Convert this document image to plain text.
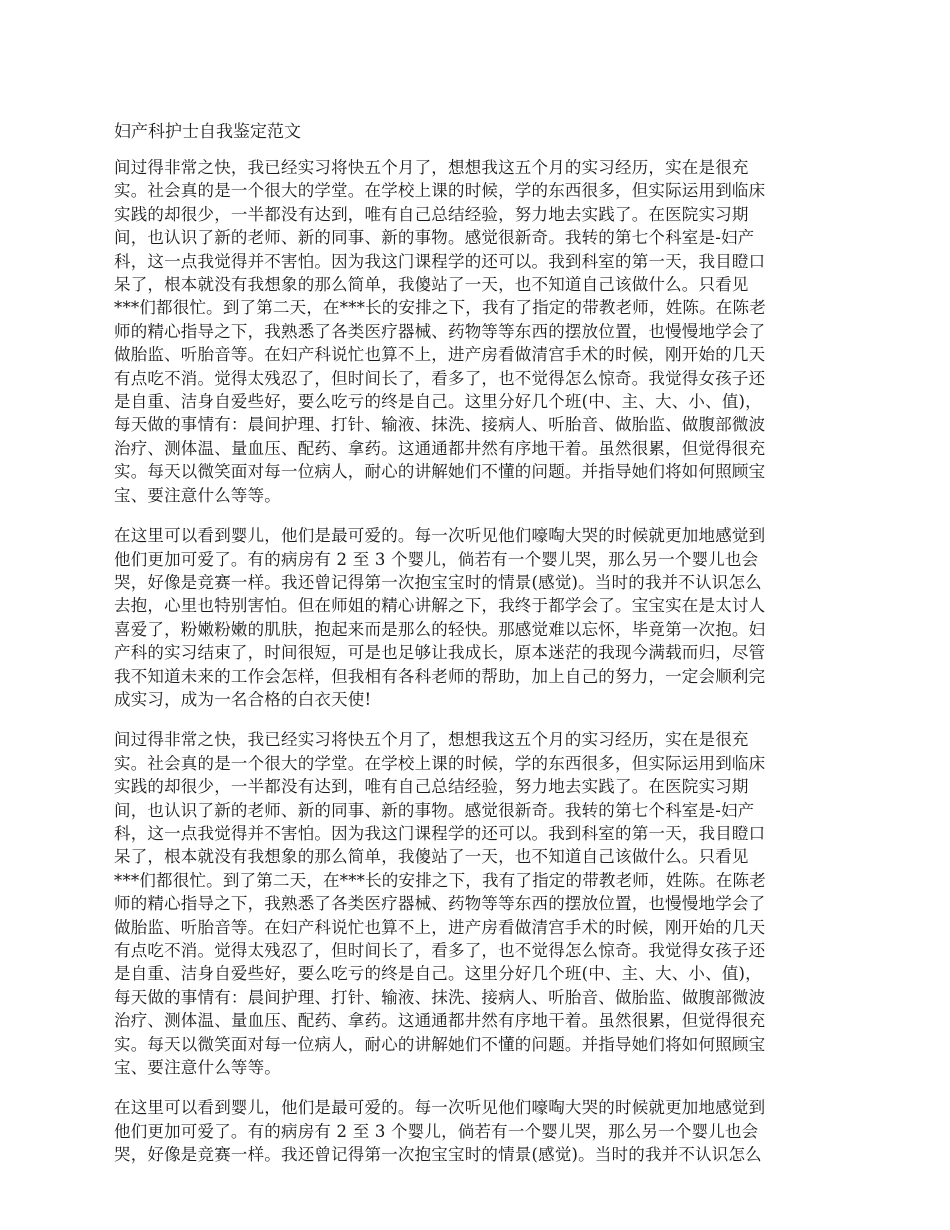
妇产科护士自我鉴定范文

间过得非常之快，我已经实习将快五个月了，想想我这五个月的实习经历，实在是很充
实。社会真的是一个很大的学堂。在学校上课的时候，学的东西很多，但实际运用到临床
实践的却很少，一半都没有达到，唯有自己总结经验，努力地去实践了。在医院实习期
间，也认识了新的老师、新的同事、新的事物。感觉很新奇。我转的第七个科室是-妇产
科，这一点我觉得并不害怕。因为我这门课程学的还可以。我到科室的第一天，我目瞪口
呆了，根本就没有我想象的那么简单，我傻站了一天，也不知道自己该做什么。只看见
***们都很忙。到了第二天，在***长的安排之下，我有了指定的带教老师，姓陈。在陈老
师的精心指导之下，我熟悉了各类医疗器械、药物等等东西的摆放位置，也慢慢地学会了
做胎监、听胎音等。在妇产科说忙也算不上，进产房看做清宫手术的时候，刚开始的几天
有点吃不消。觉得太残忍了，但时间长了，看多了，也不觉得怎么惊奇。我觉得女孩子还
是自重、洁身自爱些好，要么吃亏的终是自己。这里分好几个班(中、主、大、小、值)，
每天做的事情有：晨间护理、打针、输液、抹洗、接病人、听胎音、做胎监、做腹部微波
治疗、测体温、量血压、配药、拿药。这通通都井然有序地干着。虽然很累，但觉得很充
实。每天以微笑面对每一位病人，耐心的讲解她们不懂的问题。并指导她们将如何照顾宝
宝、要注意什么等等。

在这里可以看到婴儿，他们是最可爱的。每一次听见他们嚎啕大哭的时候就更加地感觉到
他们更加可爱了。有的病房有 2 至 3 个婴儿，倘若有一个婴儿哭，那么另一个婴儿也会
哭，好像是竞赛一样。我还曾记得第一次抱宝宝时的情景(感觉)。当时的我并不认识怎么
去抱，心里也特别害怕。但在师姐的精心讲解之下，我终于都学会了。宝宝实在是太讨人
喜爱了，粉嫩粉嫩的肌肤，抱起来而是那么的轻快。那感觉难以忘怀，毕竟第一次抱。妇
产科的实习结束了，时间很短，可是也足够让我成长，原本迷茫的我现今满载而归，尽管
我不知道未来的工作会怎样，但我相有各科老师的帮助，加上自己的努力，一定会顺利完
成实习，成为一名合格的白衣天使!

间过得非常之快，我已经实习将快五个月了，想想我这五个月的实习经历，实在是很充
实。社会真的是一个很大的学堂。在学校上课的时候，学的东西很多，但实际运用到临床
实践的却很少，一半都没有达到，唯有自己总结经验，努力地去实践了。在医院实习期
间，也认识了新的老师、新的同事、新的事物。感觉很新奇。我转的第七个科室是-妇产
科，这一点我觉得并不害怕。因为我这门课程学的还可以。我到科室的第一天，我目瞪口
呆了，根本就没有我想象的那么简单，我傻站了一天，也不知道自己该做什么。只看见
***们都很忙。到了第二天，在***长的安排之下，我有了指定的带教老师，姓陈。在陈老
师的精心指导之下，我熟悉了各类医疗器械、药物等等东西的摆放位置，也慢慢地学会了
做胎监、听胎音等。在妇产科说忙也算不上，进产房看做清宫手术的时候，刚开始的几天
有点吃不消。觉得太残忍了，但时间长了，看多了，也不觉得怎么惊奇。我觉得女孩子还
是自重、洁身自爱些好，要么吃亏的终是自己。这里分好几个班(中、主、大、小、值)，
每天做的事情有：晨间护理、打针、输液、抹洗、接病人、听胎音、做胎监、做腹部微波
治疗、测体温、量血压、配药、拿药。这通通都井然有序地干着。虽然很累，但觉得很充
实。每天以微笑面对每一位病人，耐心的讲解她们不懂的问题。并指导她们将如何照顾宝
宝、要注意什么等等。

在这里可以看到婴儿，他们是最可爱的。每一次听见他们嚎啕大哭的时候就更加地感觉到
他们更加可爱了。有的病房有 2 至 3 个婴儿，倘若有一个婴儿哭，那么另一个婴儿也会
哭，好像是竞赛一样。我还曾记得第一次抱宝宝时的情景(感觉)。当时的我并不认识怎么
